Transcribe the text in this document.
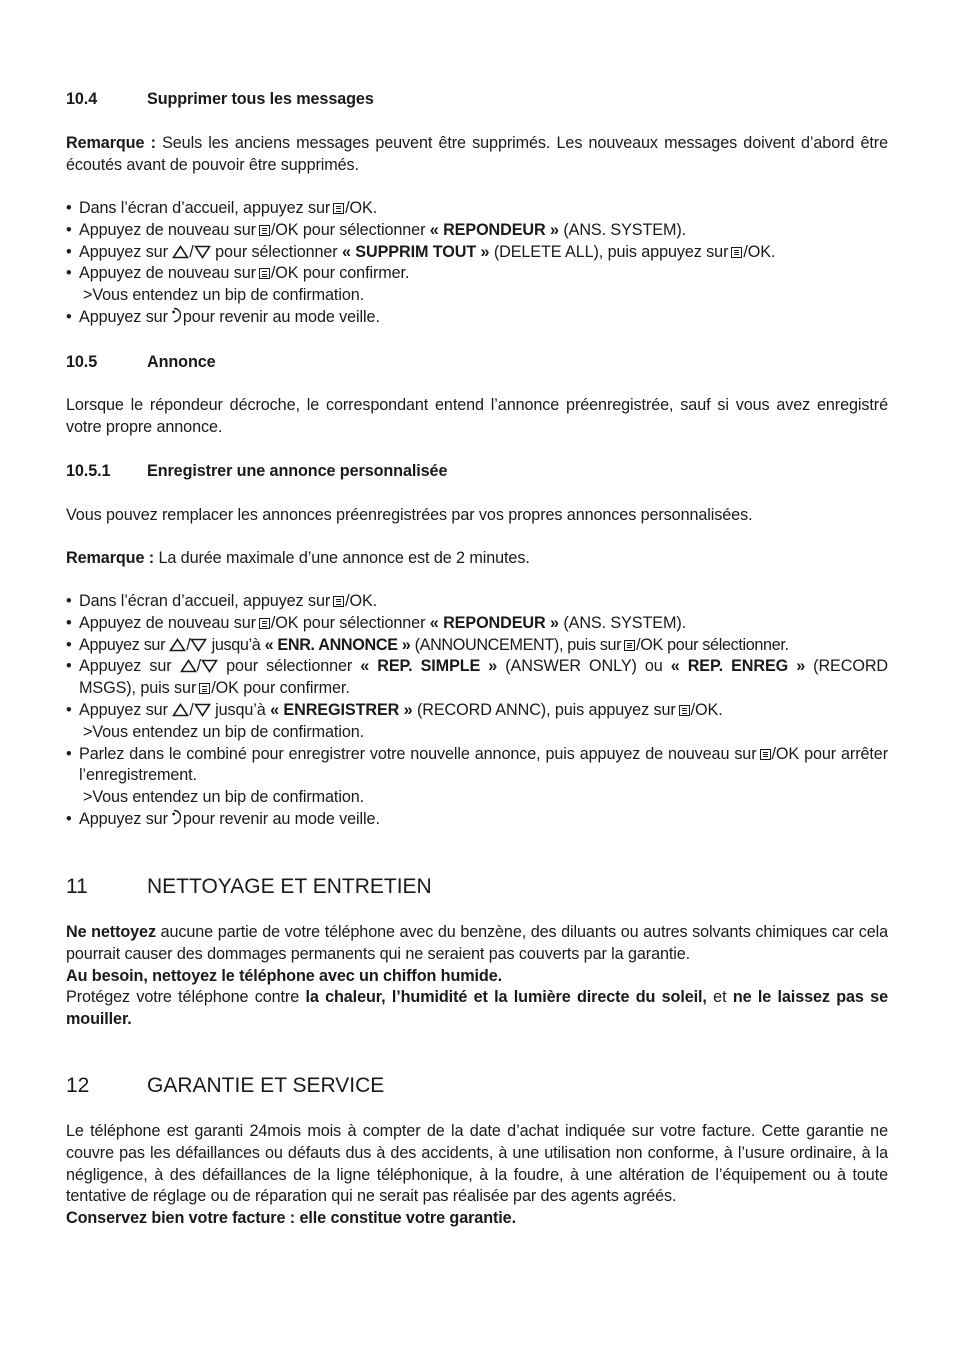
10.4	Supprimer tous les messages
Remarque : Seuls les anciens messages peuvent être supprimés. Les nouveaux messages doivent d’abord être écoutés avant de pouvoir être supprimés.
• Dans l’écran d’accueil, appuyez sur /OK.
• Appuyez de nouveau sur /OK pour sélectionner « REPONDEUR » (ANS. SYSTEM).
• Appuyez sur / pour sélectionner « SUPPRIM TOUT » (DELETE ALL), puis appuyez sur /OK.
• Appuyez de nouveau sur /OK pour confirmer.
>Vous entendez un bip de confirmation.
• Appuyez sur pour revenir au mode veille.
10.5	Annonce
Lorsque le répondeur décroche, le correspondant entend l’annonce préenregistrée, sauf si vous avez enregistré votre propre annonce.
10.5.1 Enregistrer une annonce personnalisée
Vous pouvez remplacer les annonces préenregistrées par vos propres annonces personnalisées.
Remarque : La durée maximale d’une annonce est de 2 minutes.
• Dans l’écran d’accueil, appuyez sur /OK.
• Appuyez de nouveau sur /OK pour sélectionner « REPONDEUR » (ANS. SYSTEM).
• Appuyez sur / jusqu’à « ENR. ANNONCE » (ANNOUNCEMENT), puis sur /OK pour sélectionner.
• Appuyez sur / pour sélectionner « REP. SIMPLE » (ANSWER ONLY) ou « REP. ENREG » (RECORD MSGS), puis sur /OK pour confirmer.
• Appuyez sur / jusqu’à « ENREGISTRER » (RECORD ANNC), puis appuyez sur /OK.
>Vous entendez un bip de confirmation.
• Parlez dans le combiné pour enregistrer votre nouvelle annonce, puis appuyez de nouveau sur /OK pour arrêter l’enregistrement.
>Vous entendez un bip de confirmation.
• Appuyez sur pour revenir au mode veille.
11	NETTOYAGE ET ENTRETIEN
Ne nettoyez aucune partie de votre téléphone avec du benzène, des diluants ou autres solvants chimiques car cela pourrait causer des dommages permanents qui ne seraient pas couverts par la garantie.
Au besoin, nettoyez le téléphone avec un chiffon humide.
Protégez votre téléphone contre la chaleur, l’humidité et la lumière directe du soleil, et ne le laissez pas se mouiller.
12	GARANTIE ET SERVICE
Le téléphone est garanti 24mois mois à compter de la date d’achat indiquée sur votre facture. Cette garantie ne couvre pas les défaillances ou défauts dus à des accidents, à une utilisation non conforme, à l’usure ordinaire, à la négligence, à des défaillances de la ligne téléphonique, à la foudre, à une altération de l’équipement ou à toute tentative de réglage ou de réparation qui ne serait pas réalisée par des agents agréés.
Conservez bien votre facture : elle constitue votre garantie.
